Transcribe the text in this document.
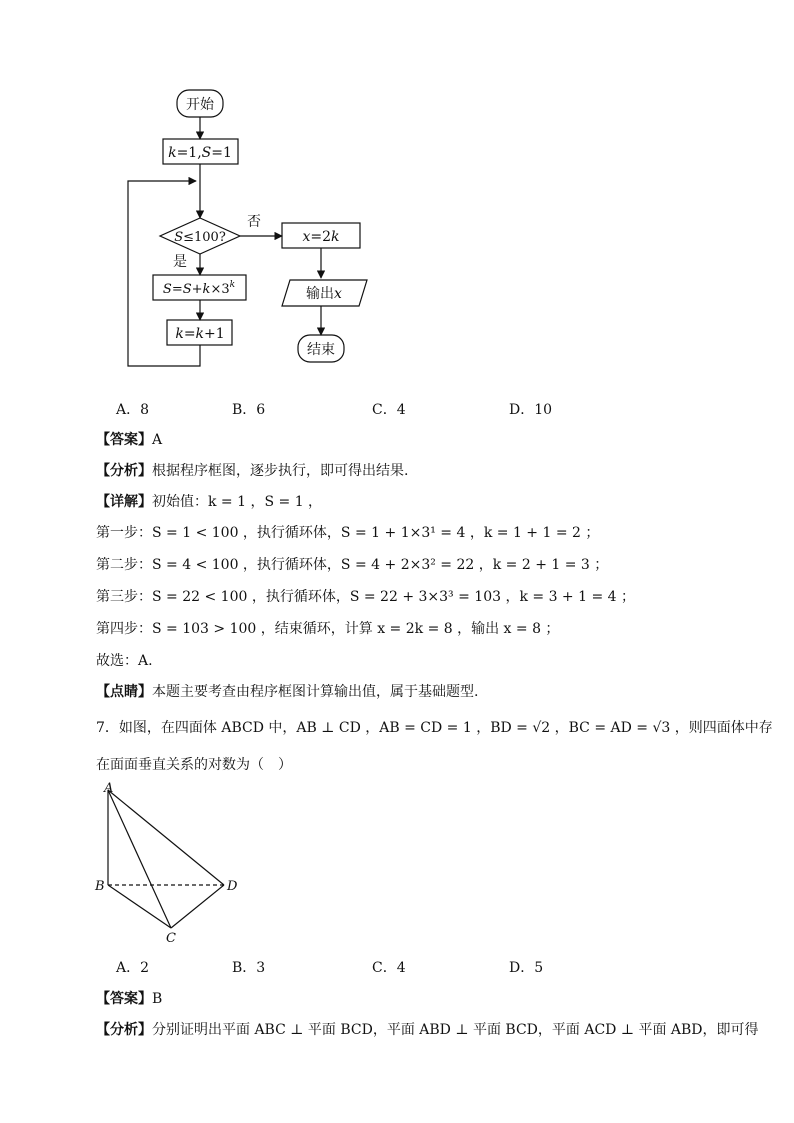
开始
k=1,S=1
S≤100?
否
是
x=2k
$S=S+k\times 3^k$
k=k+1
输出x
结束
A．8	B．6	C．4	D．10
【答案】A
【分析】根据程序框图，逐步执行，即可得出结果.
【详解】初始值：k = 1 ，S = 1 ，
第一步：S = 1 < 100 ，执行循环体，S = 1 + 1×3¹ = 4 ，k = 1 + 1 = 2 ；
第二步：S = 4 < 100 ，执行循环体，S = 4 + 2×3² = 22 ，k = 2 + 1 = 3 ；
第三步：S = 22 < 100 ，执行循环体，S = 22 + 3×3³ = 103 ，k = 3 + 1 = 4 ；
第四步：S = 103 > 100 ，结束循环，计算 x = 2k = 8 ，输出 x = 8 ；
故选：A.
【点睛】本题主要考查由程序框图计算输出值，属于基础题型.
7．如图，在四面体 ABCD 中，AB ⊥ CD ，AB = CD = 1 ，BD = √2 ，BC = AD = √3 ，则四面体中存
在面面垂直关系的对数为（　）
A
B
C
D
A．2	B．3	C．4	D．5
【答案】B
【分析】分别证明出平面 ABC ⊥ 平面 BCD，平面 ABD ⊥ 平面 BCD，平面 ACD ⊥ 平面 ABD，即可得
